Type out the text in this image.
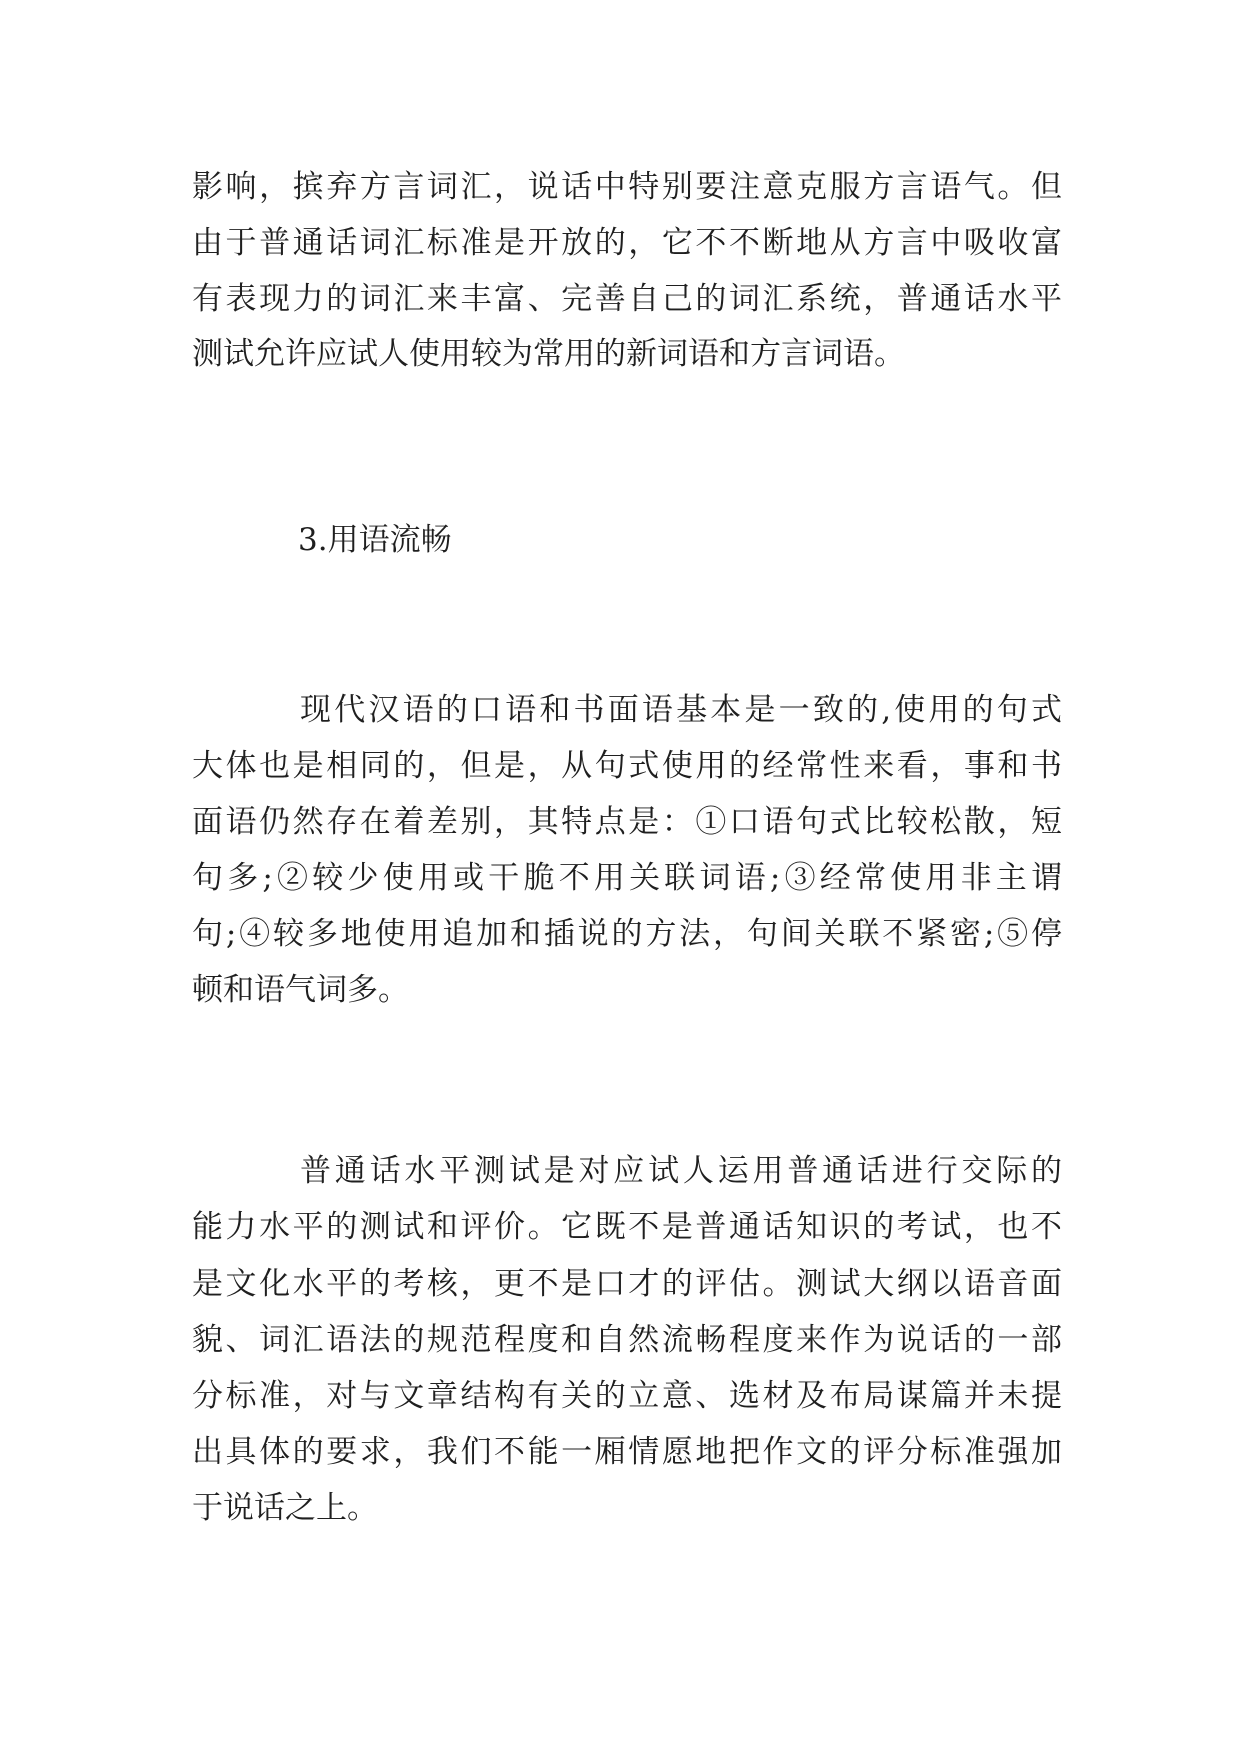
影响，摈弃方言词汇，说话中特别要注意克服方言语气。但

由于普通话词汇标准是开放的，它不不断地从方言中吸收富

有表现力的词汇来丰富、完善自己的词汇系统，普通话水平

测试允许应试人使用较为常用的新词语和方言词语。

3.用语流畅

现代汉语的口语和书面语基本是一致的,使用的句式

大体也是相同的，但是，从句式使用的经常性来看，事和书

面语仍然存在着差别，其特点是：①口语句式比较松散，短

句多;②较少使用或干脆不用关联词语;③经常使用非主谓

句;④较多地使用追加和插说的方法，句间关联不紧密;⑤停

顿和语气词多。

普通话水平测试是对应试人运用普通话进行交际的

能力水平的测试和评价。它既不是普通话知识的考试，也不

是文化水平的考核，更不是口才的评估。测试大纲以语音面

貌、词汇语法的规范程度和自然流畅程度来作为说话的一部

分标准，对与文章结构有关的立意、选材及布局谋篇并未提

出具体的要求，我们不能一厢情愿地把作文的评分标准强加

于说话之上。
